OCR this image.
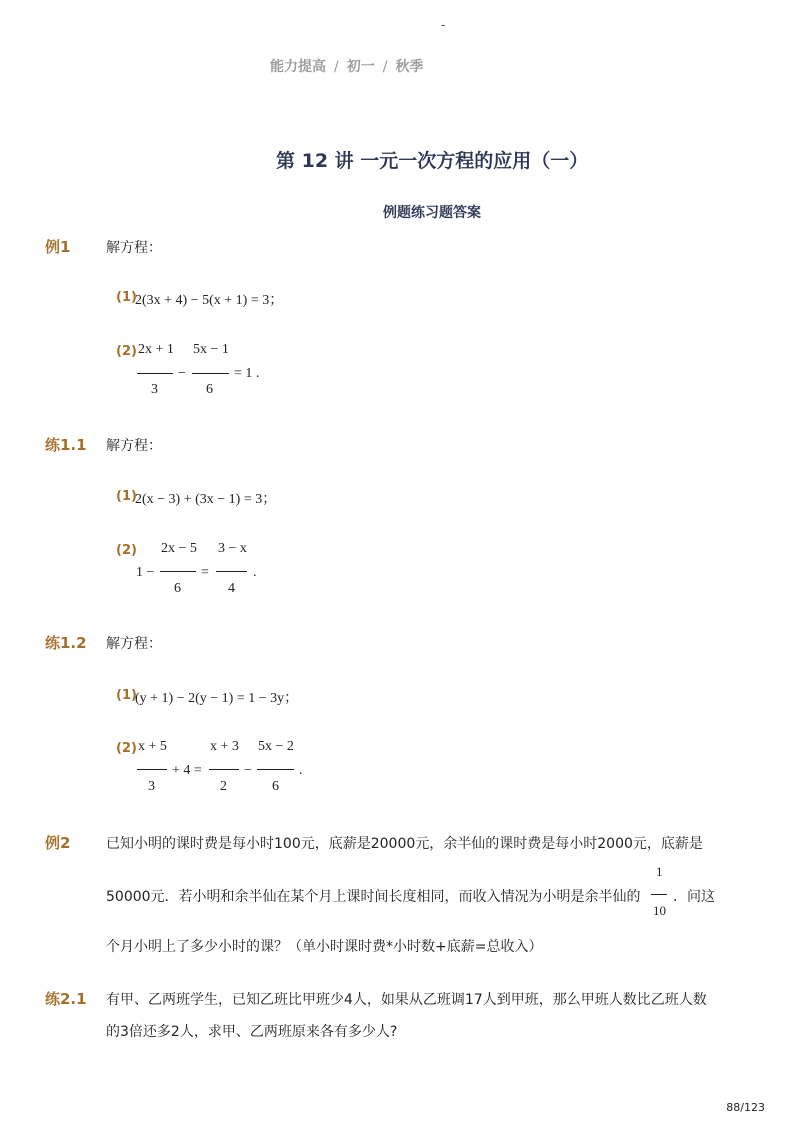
-
能力提高 / 初一 / 秋季
第 12 讲 一元一次方程的应用（一）
例题练习题答案
例1	解方程：
(1)
2(3x + 4) − 5(x + 1) = 3；
(2) 2x + 1
3
−
5x − 1
6
= 1 .
练1.1 解方程：
(1)
2(x − 3) + (3x − 1) = 3；
(2)
1 −
2x − 5
6
=
3 − x
4
.
练1.2 解方程：
(1)
(y + 1) − 2(y − 1) = 1 − 3y；
(2) x + 5
3
+ 4 =
x + 3
2
−
5x − 2
6
.
例2	已知小明的课时费是每小时100元，底薪是20000元，余半仙的课时费是每小时2000元，底薪是
50000元．若小明和余半仙在某个月上课时间长度相同，而收入情况为小明是余半仙的
1
10
．问这
个月小明上了多少小时的课？（单小时课时费*小时数+底薪=总收入）
练2.1 有甲、乙两班学生，已知乙班比甲班少4人，如果从乙班调17人到甲班，那么甲班人数比乙班人数
的3倍还多2人，求甲、乙两班原来各有多少人?
88/123
